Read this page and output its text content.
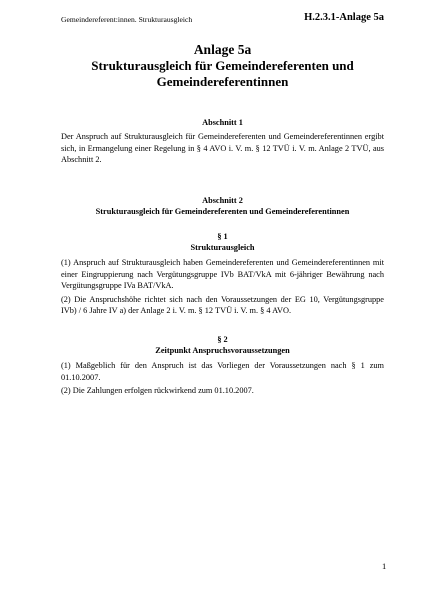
Gemeindereferent:innen. Strukturausgleich	H.2.3.1-Anlage 5a
Anlage 5a
Strukturausgleich für Gemeindereferenten und
Gemeindereferentinnen
Abschnitt 1

Der Anspruch auf Strukturausgleich für Gemeindereferenten und Gemeindereferentinnen ergibt sich, in Ermangelung einer Regelung in § 4 AVO i. V. m. § 12 TVÜ i. V. m. Anlage 2 TVÜ, aus Abschnitt 2.

Abschnitt 2
Strukturausgleich für Gemeindereferenten und Gemeindereferentinnen
§ 1
Strukturausgleich

(1) Anspruch auf Strukturausgleich haben Gemeindereferenten und Gemeindereferentinnen mit einer Eingruppierung nach Vergütungsgruppe IVb BAT/VkA mit 6-jähriger Bewährung nach Vergütungsgruppe IVa BAT/VkA.

(2) Die Anspruchshöhe richtet sich nach den Voraussetzungen der EG 10, Vergütungsgruppe IVb) / 6 Jahre IV a) der Anlage 2 i. V. m. § 12 TVÜ i. V. m. § 4 AVO.

§ 2
Zeitpunkt Anspruchsvoraussetzungen

(1) Maßgeblich für den Anspruch ist das Vorliegen der Voraussetzungen nach § 1 zum 01.10.2007.

(2) Die Zahlungen erfolgen rückwirkend zum 01.10.2007.

1
